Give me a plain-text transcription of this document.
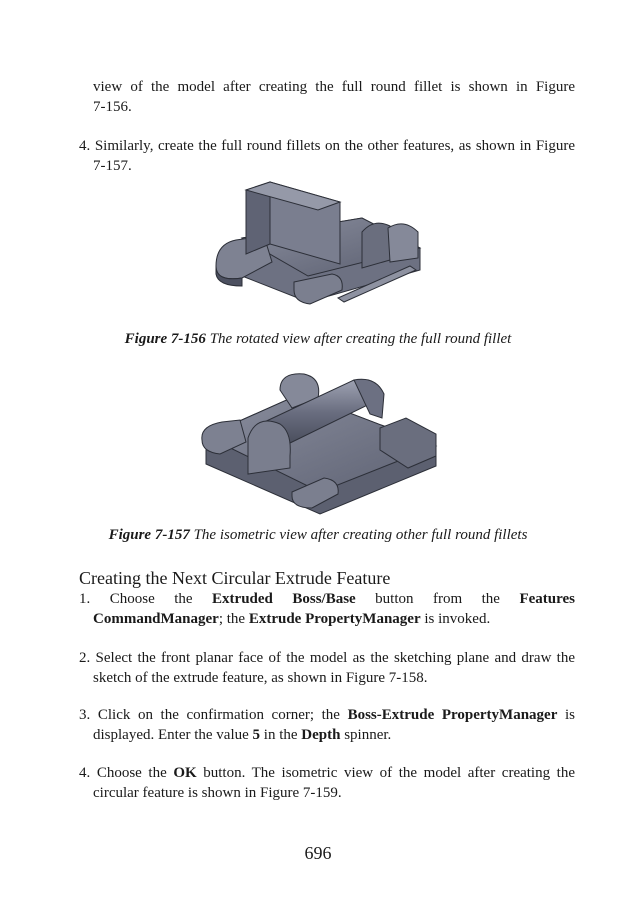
view of the model after creating the full round fillet is shown in Figure
7-156.
4. Similarly, create the full round fillets on the other features, as shown in Figure 7-157.
Figure 7-156 The rotated view after creating the full round fillet
Figure 7-157 The isometric view after creating other full round fillets
Creating the Next Circular Extrude Feature
1. Choose the Extruded Boss/Base button from the Features CommandManager; the Extrude PropertyManager is invoked.
2. Select the front planar face of the model as the sketching plane and draw the sketch of the extrude feature, as shown in Figure 7-158.
3. Click on the confirmation corner; the Boss-Extrude PropertyManager is displayed. Enter the value 5 in the Depth spinner.
4. Choose the OK button. The isometric view of the model after creating the circular feature is shown in Figure 7-159.
696
